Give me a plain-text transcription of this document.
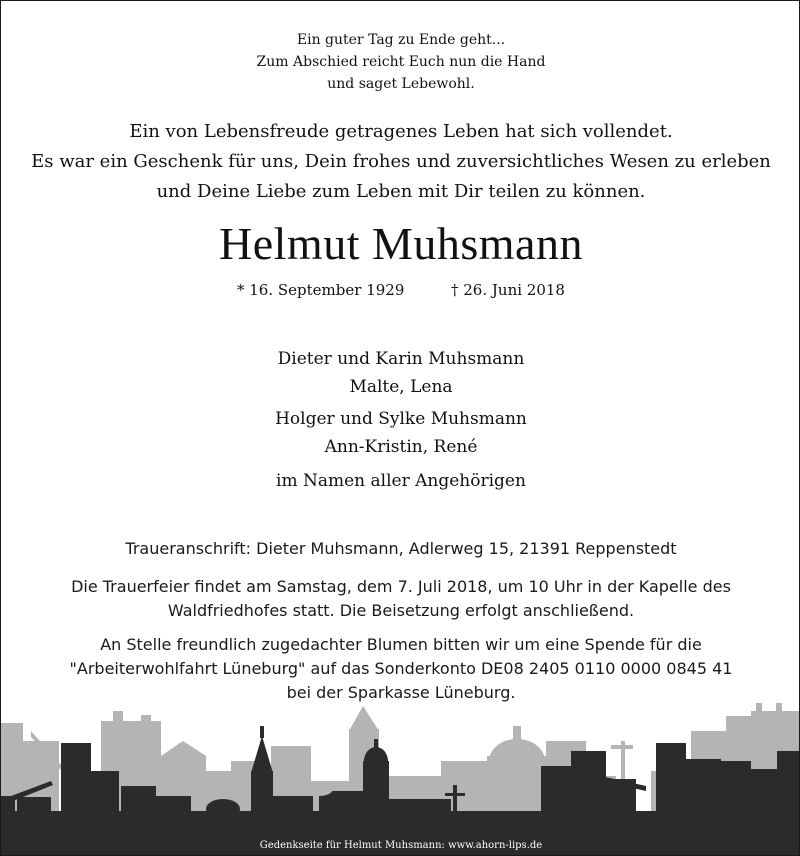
Ein guter Tag zu Ende geht...
Zum Abschied reicht Euch nun die Hand
und saget Lebewohl.
Ein von Lebensfreude getragenes Leben hat sich vollendet.
Es war ein Geschenk für uns, Dein frohes und zuversichtliches Wesen zu erleben
und Deine Liebe zum Leben mit Dir teilen zu können.
Helmut Muhsmann
* 16. September 1929	† 26. Juni 2018
Dieter und Karin Muhsmann
Malte, Lena
Holger und Sylke Muhsmann
Ann-Kristin, René
im Namen aller Angehörigen
Traueranschrift: Dieter Muhsmann, Adlerweg 15, 21391 Reppenstedt
Die Trauerfeier findet am Samstag, dem 7. Juli 2018, um 10 Uhr in der Kapelle des
Waldfriedhofes statt. Die Beisetzung erfolgt anschließend.
An Stelle freundlich zugedachter Blumen bitten wir um eine Spende für die
"Arbeiterwohlfahrt Lüneburg" auf das Sonderkonto DE08 2405 0110 0000 0845 41
bei der Sparkasse Lüneburg.
Gedenkseite für Helmut Muhsmann: www.ahorn-lips.de
